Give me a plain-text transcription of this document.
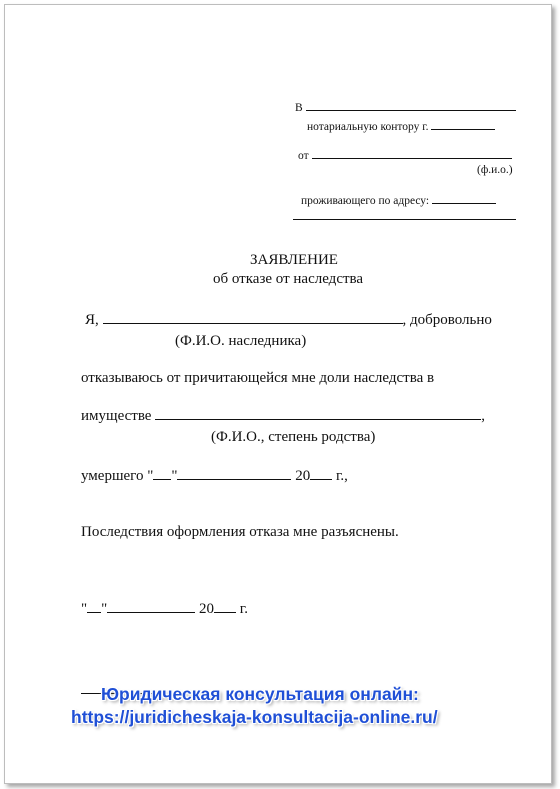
В
нотариальную контору г.
от
(ф.и.о.)
проживающего по адресу:
ЗАЯВЛЕНИЕ
об отказе от наследства
Я,	, добровольно
(Ф.И.О. наследника)
отказываюсь от причитающейся мне доли наследства в
имуществе	,
(Ф.И.О., степень родства)
умершего " "	20 г.,
Последствия оформления отказа мне разъяснены.
" "	20 г.
Юридическая консультация онлайн:
https://juridicheskaja-konsultacija-online.ru/
